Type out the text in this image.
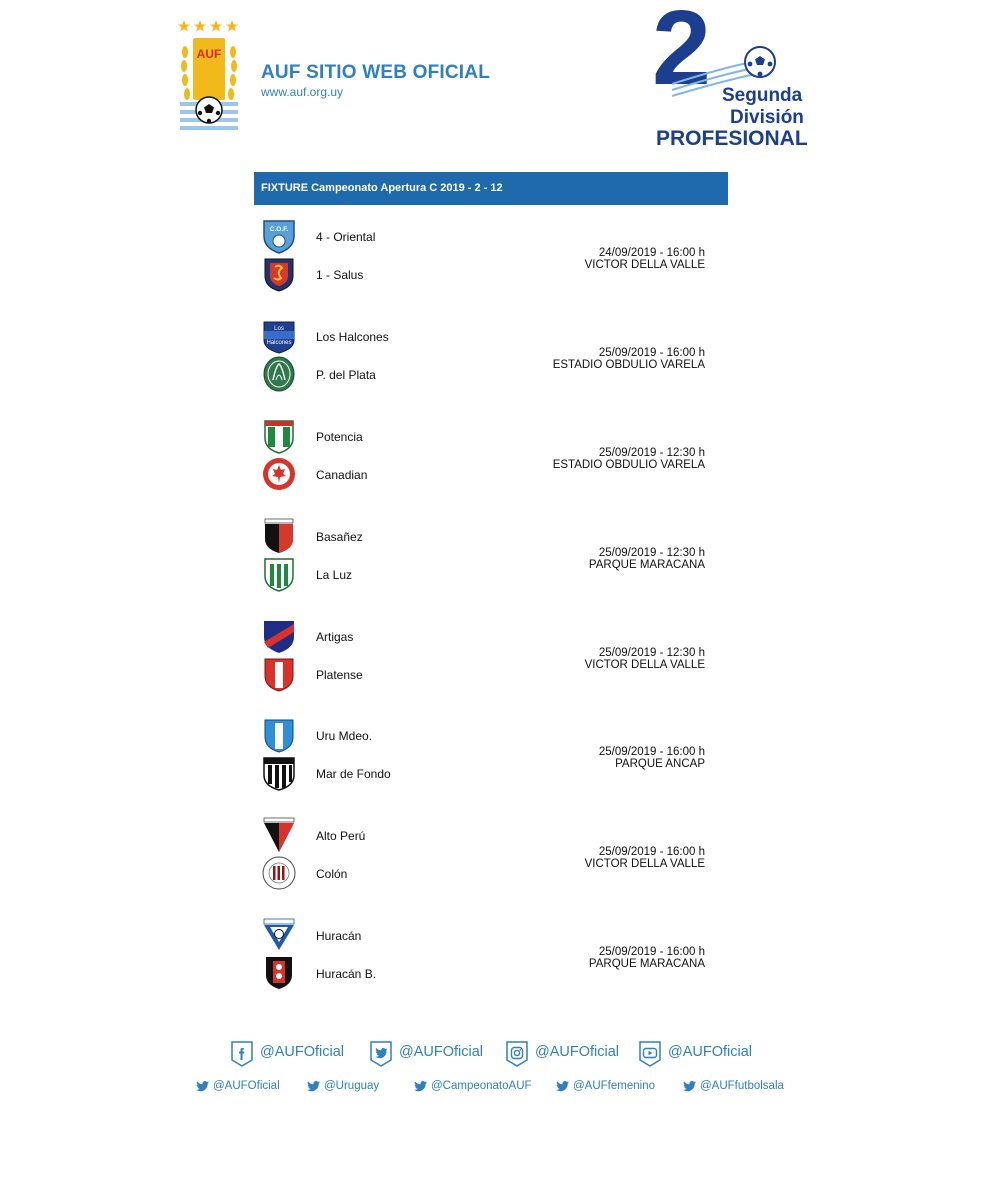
AUF
AUF SITIO WEB OFICIAL
www.auf.org.uy	2 Segunda
División
PROFESIONAL
FIXTURE Campeonato Apertura C 2019 - 2 - 12
C.O.F.
4 - Oriental
1 - Salus
24/09/2019 - 16:00 h
VICTOR DELLA VALLE
Los
Halcones Los Halcones
P. del Plata
25/09/2019 - 16:00 h
ESTADIO OBDULIO VARELA
Potencia
Canadian
25/09/2019 - 12:30 h
ESTADIO OBDULIO VARELA
Basañez
La Luz
25/09/2019 - 12:30 h
PARQUE MARACANA
Artigas
Platense
25/09/2019 - 12:30 h
VICTOR DELLA VALLE
Uru Mdeo.
Mar de Fondo
25/09/2019 - 16:00 h
PARQUE ANCAP
Alto Perú
Colón
25/09/2019 - 16:00 h
VICTOR DELLA VALLE
Huracán
Huracán B.
25/09/2019 - 16:00 h
PARQUE MARACANA
@AUFOficial	@AUFOficial	@AUFOficial	@AUFOficial
@AUFOficial	@Uruguay	@CampeonatoAUF	@AUFfemenino	@AUFfutbolsala
